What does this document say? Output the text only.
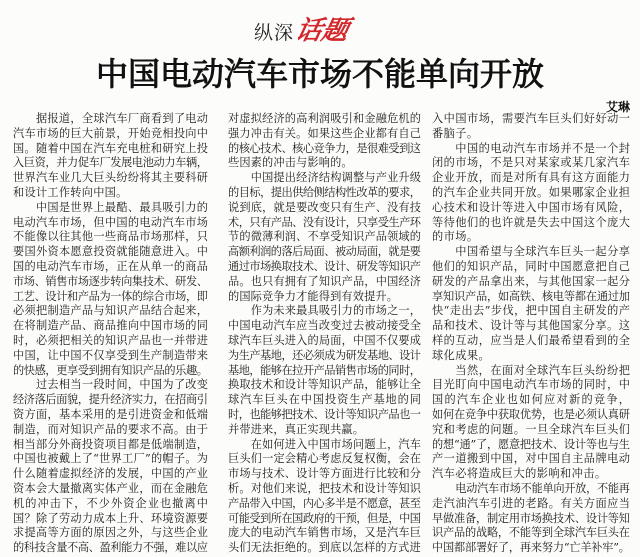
纵深话题
中国电动汽车市场不能单向开放
艾琳
据报道，全球汽车厂商看到了电动
汽车市场的巨大前景，开始竞相投向中
国。随着中国在汽车充电桩和研究上投
入巨资，并力促车厂发展电池动力车辆，
世界汽车业几大巨头纷纷将其主要科研
和设计工作转向中国。
中国是世界上最酷、最具吸引力的
电动汽车市场，但中国的电动汽车市场
不能像以往其他一些商品市场那样，只
要国外资本愿意投资就能随意进入。中
国的电动汽车市场，正在从单一的商品
市场、销售市场逐步转向集技术、研发、
工艺、设计和产品为一体的综合市场，即
必须把制造产品与知识产品结合起来，
在将制造产品、商品推向中国市场的同
时，必须把相关的知识产品也一并带进
中国，让中国不仅享受到生产制造带来
的快感，更享受到拥有知识产品的乐趣。
过去相当一段时间，中国为了改变
经济落后面貌，提升经济实力，在招商引
资方面，基本采用的是引进资金和低端
制造，而对知识产品的要求不高。由于
相当部分外商投资项目都是低端制造，
中国也被戴上了“世界工厂”的帽子。为
什么随着虚拟经济的发展，中国的产业
资本会大量撤离实体产业，而在金融危
机的冲击下，不少外资企业也撤离中
国？除了劳动力成本上升、环境资源要
求提高等方面的原因之外，与这些企业
的科技含量不高、盈利能力不强，难以应
对虚拟经济的高利润吸引和金融危机的
强力冲击有关。如果这些企业都有自己
的核心技术、核心竞争力，是很难受到这
些因素的冲击与影响的。
中国提出经济结构调整与产业升级
的目标，提出供给侧结构性改革的要求，
说到底，就是要改变只有生产、没有技
术，只有产品、没有设计，只享受生产环
节的微薄利润、不享受知识产品领域的
高额利润的落后局面、被动局面，就是要
通过市场换取技术、设计、研发等知识产
品。也只有拥有了知识产品，中国经济
的国际竞争力才能得到有效提升。
作为未来最具吸引力的市场之一，
中国电动汽车应当改变过去被动接受全
球汽车巨头进入的局面，中国不仅要成
为生产基地，还必须成为研发基地、设计
基地，能够在拉开产品销售市场的同时，
换取技术和设计等知识产品，能够让全
球汽车巨头在中国投资生产基地的同
时，也能够把技术、设计等知识产品也一
并带进来，真正实现共赢。
在如何进入中国市场问题上，汽车
巨头们一定会精心考虑反复权衡，会在
市场与技术、设计等方面进行比较和分
析。对他们来说，把技术和设计等知识
产品带入中国，内心多半是不愿意，甚至
可能受到所在国政府的干预，但是，中国
庞大的电动汽车销售市场，又是汽车巨
头们无法拒绝的。到底以怎样的方式进
入中国市场，需要汽车巨头们好好动一
番脑子。
中国的电动汽车市场并不是一个封
闭的市场，不是只对某家或某几家汽车
企业开放，而是对所有具有这方面能力
的汽车企业共同开放。如果哪家企业担
心技术和设计等进入中国市场有风险，
等待他们的也许就是失去中国这个庞大
的市场。
中国希望与全球汽车巨头一起分享
他们的知识产品，同时中国愿意把自己
研发的产品拿出来，与其他国家一起分
享知识产品，如高铁、核电等都在通过加
快“走出去”步伐，把中国自主研发的产
品和技术、设计等与其他国家分享。这
样的互动，应当是人们最希望看到的全
球化成果。
当然，在面对全球汽车巨头纷纷把
目光盯向中国电动汽车市场的同时，中
国的汽车企业也如何应对新的竞争，
如何在竞争中获取优势，也是必须认真研
究和考虑的问题。一旦全球汽车巨头们
的想“通”了，愿意把技术、设计等也与生
产一道搬到中国，对中国自主品牌电动
汽车必将造成巨大的影响和冲击。
电动汽车市场不能单向开放，不能再
走汽油汽车引进的老路。有关方面应当
早做准备，制定用市场换技术、设计等知
识产品的战略，不能等到全球汽车巨头在
中国都部署好了，再来努力“亡羊补牢”。
